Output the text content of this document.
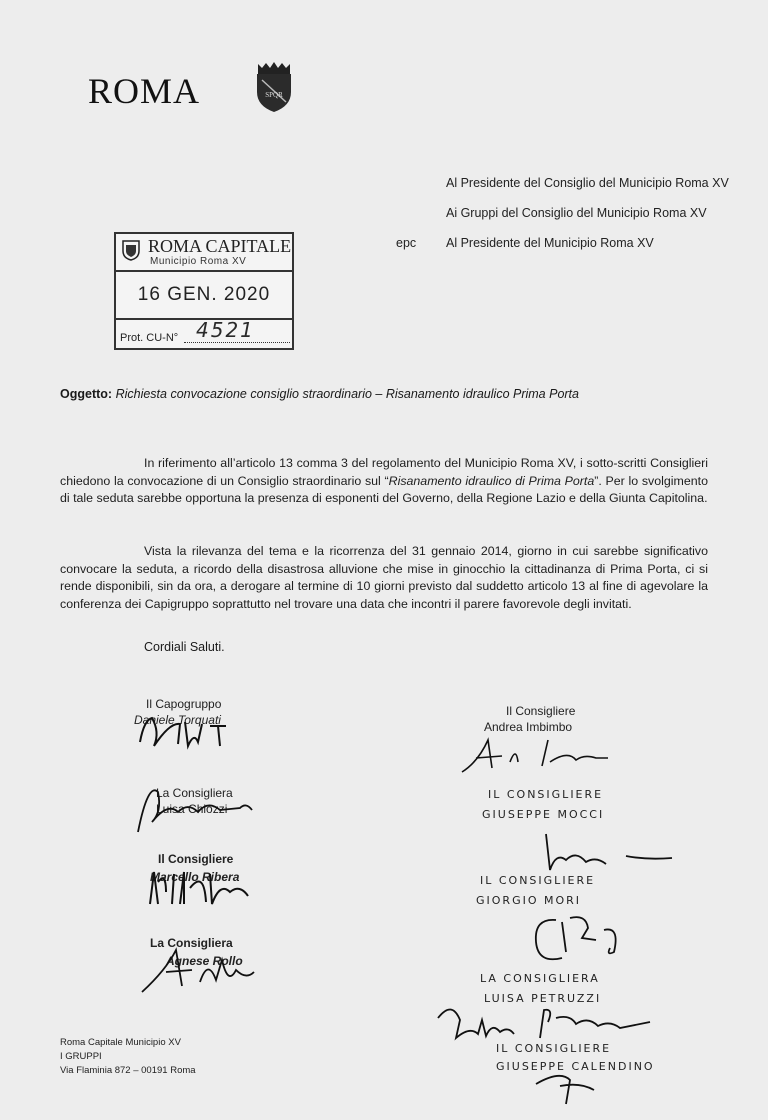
ROMA	SPQR
Al Presidente del Consiglio del Municipio Roma XV
Ai Gruppi del Consiglio del Municipio Roma XV
epc Al Presidente del Municipio Roma XV
ROMA CAPITALE
Municipio Roma XV
16 GEN. 2020
Prot. CU-N° 4521
Oggetto: Richiesta convocazione consiglio straordinario – Risanamento idraulico Prima Porta
In riferimento all’articolo 13 comma 3 del regolamento del Municipio Roma XV, i sotto-scritti Consiglieri chiedono la convocazione di un Consiglio straordinario sul “Risanamento idraulico di Prima Porta”. Per lo svolgimento di tale seduta sarebbe opportuna la presenza di esponenti del Governo, della Regione Lazio e della Giunta Capitolina.
Vista la rilevanza del tema e la ricorrenza del 31 gennaio 2014, giorno in cui sarebbe significativo convocare la seduta, a ricordo della disastrosa alluvione che mise in ginocchio la cittadinanza di Prima Porta, ci si rende disponibili, sin da ora, a derogare al termine di 10 giorni previsto dal suddetto articolo 13 al fine di agevolare la conferenza dei Capigruppo soprattutto nel trovare una data che incontri il parere favorevole degli invitati.
Cordiali Saluti.
Il Capogruppo
Daniele Torquati
La Consigliera
Luisa Chiozzi
Il Consigliere
Marcello Ribera
La Consigliera
Agnese Rollo
Il Consigliere
Andrea Imbimbo
IL CONSIGLIERE
GIUSEPPE MOCCI
IL CONSIGLIERE
GIORGIO MORI
LA CONSIGLIERA
LUISA PETRUZZI
IL CONSIGLIERE
GIUSEPPE CALENDINO
Roma Capitale Municipio XV
I GRUPPI
Via Flaminia 872 – 00191 Roma
